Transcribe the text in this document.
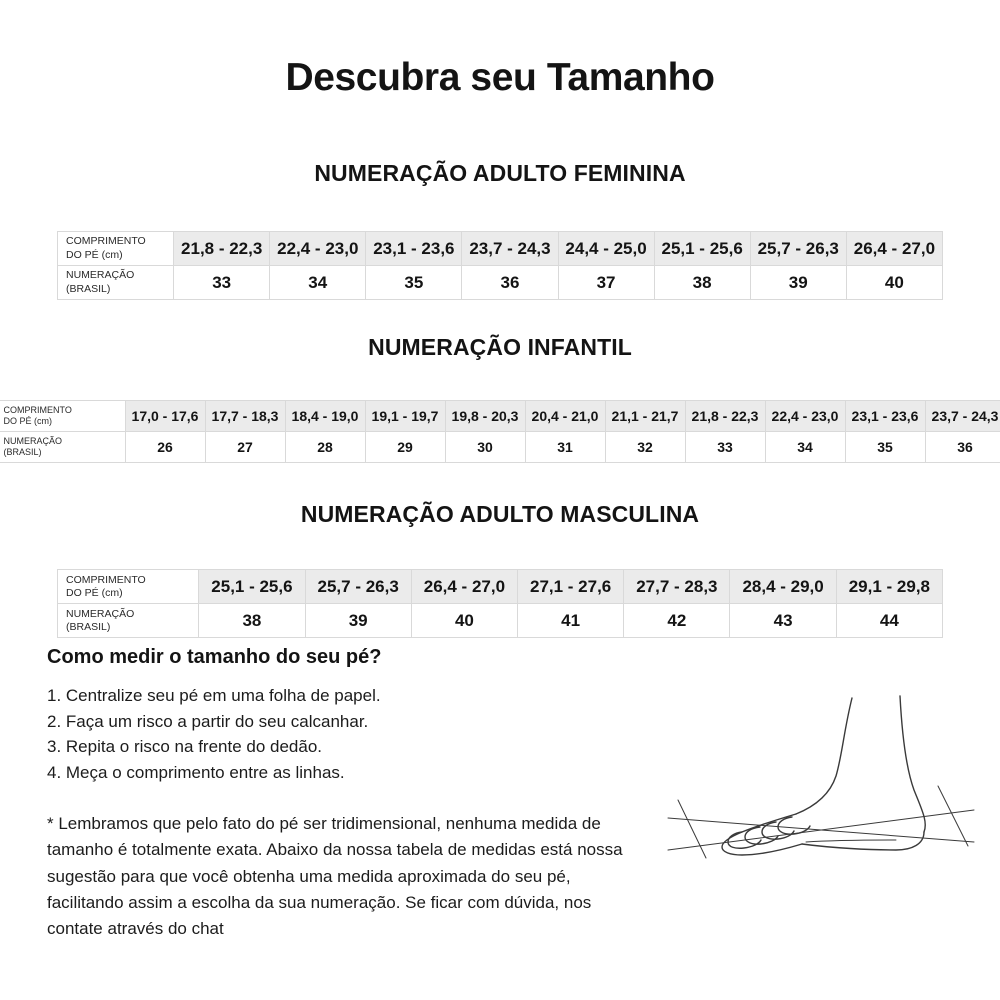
Descubra seu Tamanho
NUMERAÇÃO ADULTO FEMININA
COMPRIMENTO
DO PÉ (cm)	21,8 - 22,3	22,4 - 23,0	23,1 - 23,6	23,7 - 24,3	24,4 - 25,0	25,1 - 25,6	25,7 - 26,3	26,4 - 27,0

NUMERAÇÃO
(BRASIL)	33	34	35	36	37	38	39	40
NUMERAÇÃO INFANTIL
COMPRIMENTO
DO PÉ (cm)	17,0 - 17,6	17,7 - 18,3	18,4 - 19,0	19,1 - 19,7	19,8 - 20,3	20,4 - 21,0	21,1 - 21,7	21,8 - 22,3	22,4 - 23,0	23,1 - 23,6	23,7 - 24,3

NUMERAÇÃO
(BRASIL)	26	27	28	29	30	31	32	33	34	35	36
NUMERAÇÃO ADULTO MASCULINA
COMPRIMENTO
DO PÉ (cm)	25,1 - 25,6	25,7 - 26,3	26,4 - 27,0	27,1 - 27,6	27,7 - 28,3	28,4 - 29,0	29,1 - 29,8

NUMERAÇÃO
(BRASIL)	38	39	40	41	42	43	44
Como medir o tamanho do seu pé?
1. Centralize seu pé em uma folha de papel.
2. Faça um risco a partir do seu calcanhar.
3. Repita o risco na frente do dedão.
4. Meça o comprimento entre as linhas.

* Lembramos que pelo fato do pé ser tridimensional, nenhuma medida de tamanho é totalmente exata. Abaixo da nossa tabela de medidas está nossa sugestão para que você obtenha uma medida aproximada do seu pé, facilitando assim a escolha da sua numeração. Se ficar com dúvida, nos contate através do chat
